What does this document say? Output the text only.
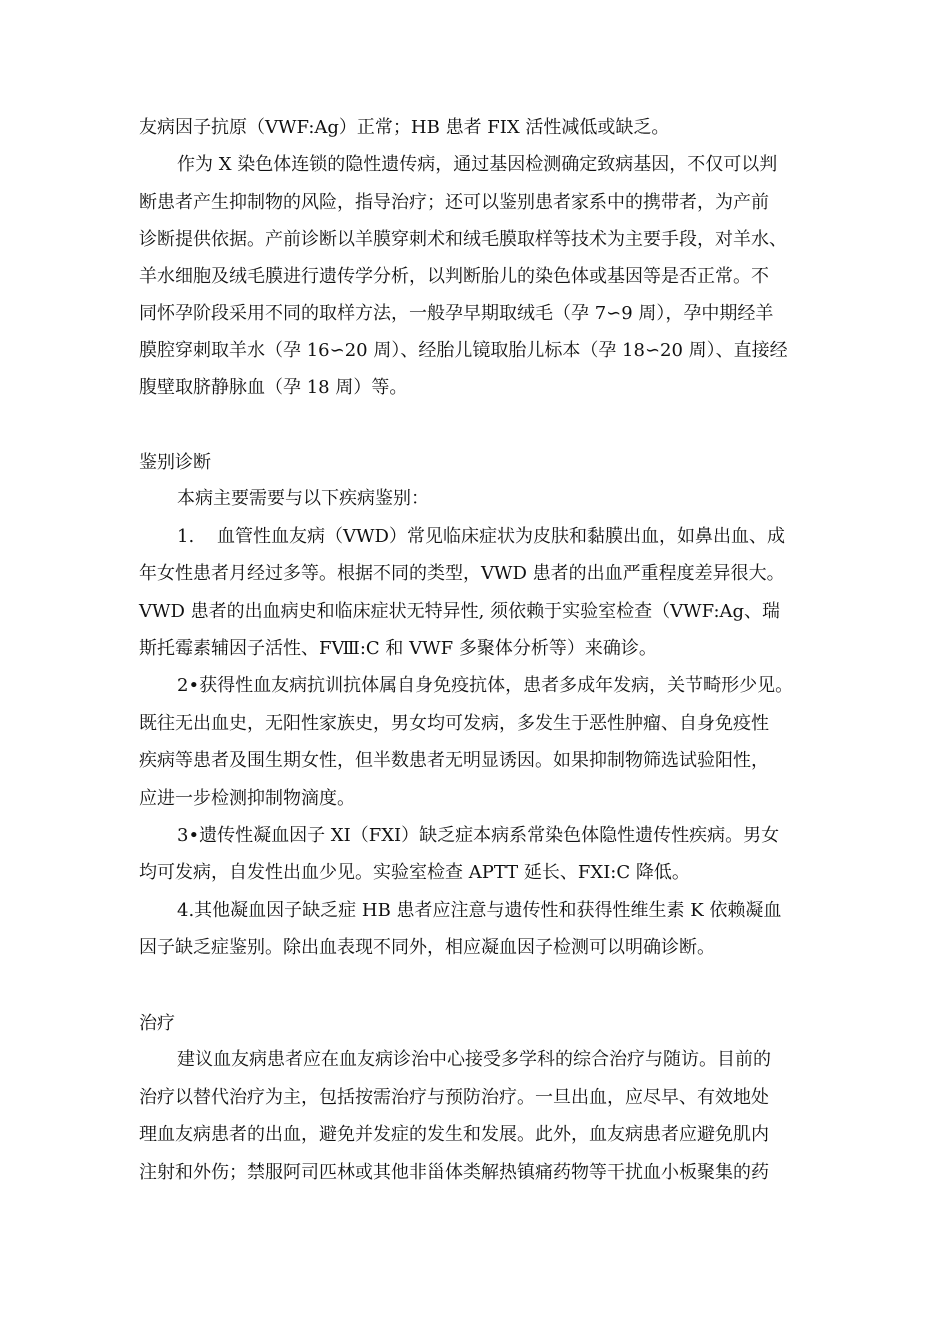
友病因子抗原（VWF:Ag）正常；HB 患者 FIX 活性减低或缺乏。
作为 X 染色体连锁的隐性遗传病，通过基因检测确定致病基因，不仅可以判
断患者产生抑制物的风险，指导治疗；还可以鉴别患者家系中的携带者，为产前
诊断提供依据。产前诊断以羊膜穿刺术和绒毛膜取样等技术为主要手段，对羊水、
羊水细胞及绒毛膜进行遗传学分析，以判断胎儿的染色体或基因等是否正常。不
同怀孕阶段采用不同的取样方法，一般孕早期取绒毛（孕 7∽9 周），孕中期经羊
膜腔穿刺取羊水（孕 16∽20 周）、经胎儿镜取胎儿标本（孕 18∽20 周）、直接经
腹壁取脐静脉血（孕 18 周）等。
鉴别诊断
本病主要需要与以下疾病鉴别：
1.    血管性血友病（VWD）常见临床症状为皮肤和黏膜出血，如鼻出血、成
年女性患者月经过多等。根据不同的类型，VWD 患者的出血严重程度差异很大。
VWD 患者的出血病史和临床症状无特异性, 须依赖于实验室检查（VWF:Ag、瑞
斯托霉素辅因子活性、FⅧ:C 和 VWF 多聚体分析等）来确诊。
2•获得性血友病抗训抗体属自身免疫抗体，患者多成年发病，关节畸形少见。
既往无出血史，无阳性家族史，男女均可发病，多发生于恶性肿瘤、自身免疫性
疾病等患者及围生期女性，但半数患者无明显诱因。如果抑制物筛选试验阳性，
应进一步检测抑制物滴度。
3•遗传性凝血因子 XI（FXI）缺乏症本病系常染色体隐性遗传性疾病。男女
均可发病，自发性出血少见。实验室检查 APTT 延长、FXI:C 降低。
4.其他凝血因子缺乏症 HB 患者应注意与遗传性和获得性维生素 K 依赖凝血
因子缺乏症鉴别。除出血表现不同外，相应凝血因子检测可以明确诊断。
治疗
建议血友病患者应在血友病诊治中心接受多学科的综合治疗与随访。目前的
治疗以替代治疗为主，包括按需治疗与预防治疗。一旦出血，应尽早、有效地处
理血友病患者的出血，避免并发症的发生和发展。此外，血友病患者应避免肌内
注射和外伤；禁服阿司匹林或其他非甾体类解热镇痛药物等干扰血小板聚集的药
